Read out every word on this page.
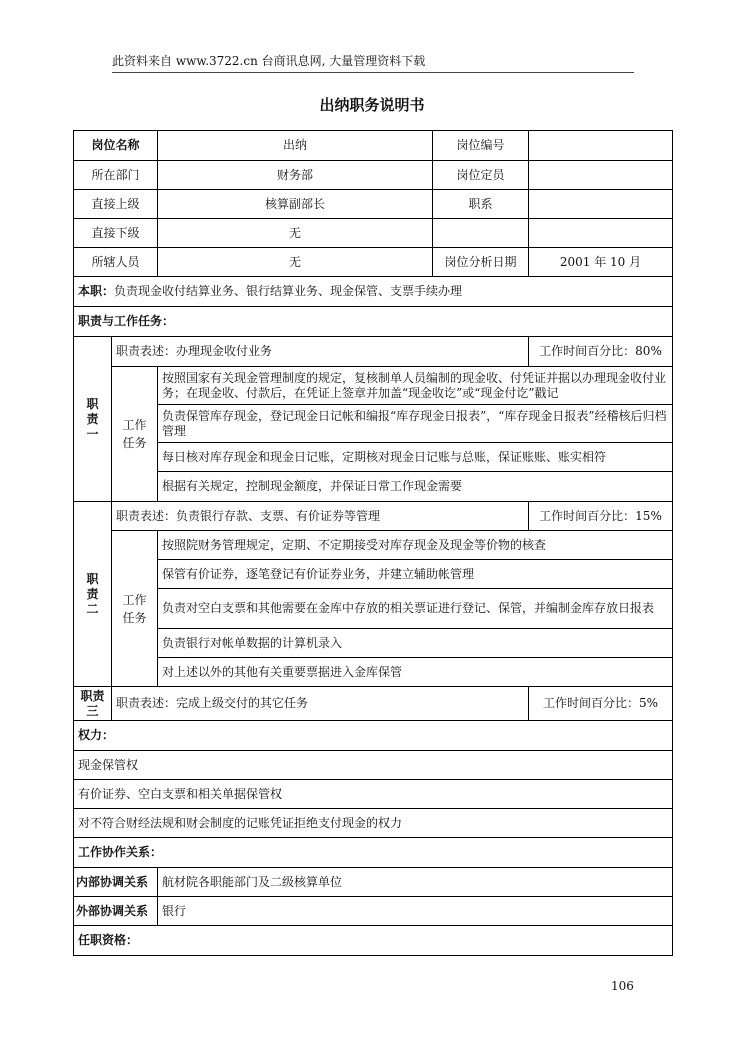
此资料来自 www.3722.cn 台商讯息网, 大量管理资料下载
出纳职务说明书
岗位名称		出纳	岗位编号	
所在部门		财务部	岗位定员	
直接上级		核算副部长	职系	
直接下级		无		
所辖人员		无	岗位分析日期	2001 年 10 月
本职：负责现金收付结算业务、银行结算业务、现金保管、支票手续办理				
职责与工作任务：				
职
责
一	职责表述：办理现金收付业务			工作时间百分比：80%
	工作
任务	按照国家有关现金管理制度的规定，复核制单人员编制的现金收、付凭证并据以办理现金收付业务；在现金收、付款后，在凭证上签章并加盖“现金收讫”或“现金付讫”戳记		
		负责保管库存现金，登记现金日记帐和编报“库存现金日报表”，“库存现金日报表”经稽核后归档管理		
		每日核对库存现金和现金日记账，定期核对现金日记账与总账，保证账账、账实相符		
		根据有关规定，控制现金额度，并保证日常工作现金需要		
职
责
二	职责表述：负责银行存款、支票、有价证券等管理			工作时间百分比：15%
	工作
任务	按照院财务管理规定，定期、不定期接受对库存现金及现金等价物的核查		
		保管有价证券，逐笔登记有价证券业务，并建立辅助帐管理		
		负责对空白支票和其他需要在金库中存放的相关票证进行登记、保管，并编制金库存放日报表		
		负责银行对帐单数据的计算机录入		
		对上述以外的其他有关重要票据进入金库保管		
职责
三	职责表述：完成上级交付的其它任务			工作时间百分比：5%
权力：				
现金保管权				
有价证券、空白支票和相关单据保管权				
对不符合财经法规和财会制度的记账凭证拒绝支付现金的权力				
工作协作关系：				
内部协调关系		航材院各职能部门及二级核算单位		
外部协调关系		银行		
任职资格：				
106
